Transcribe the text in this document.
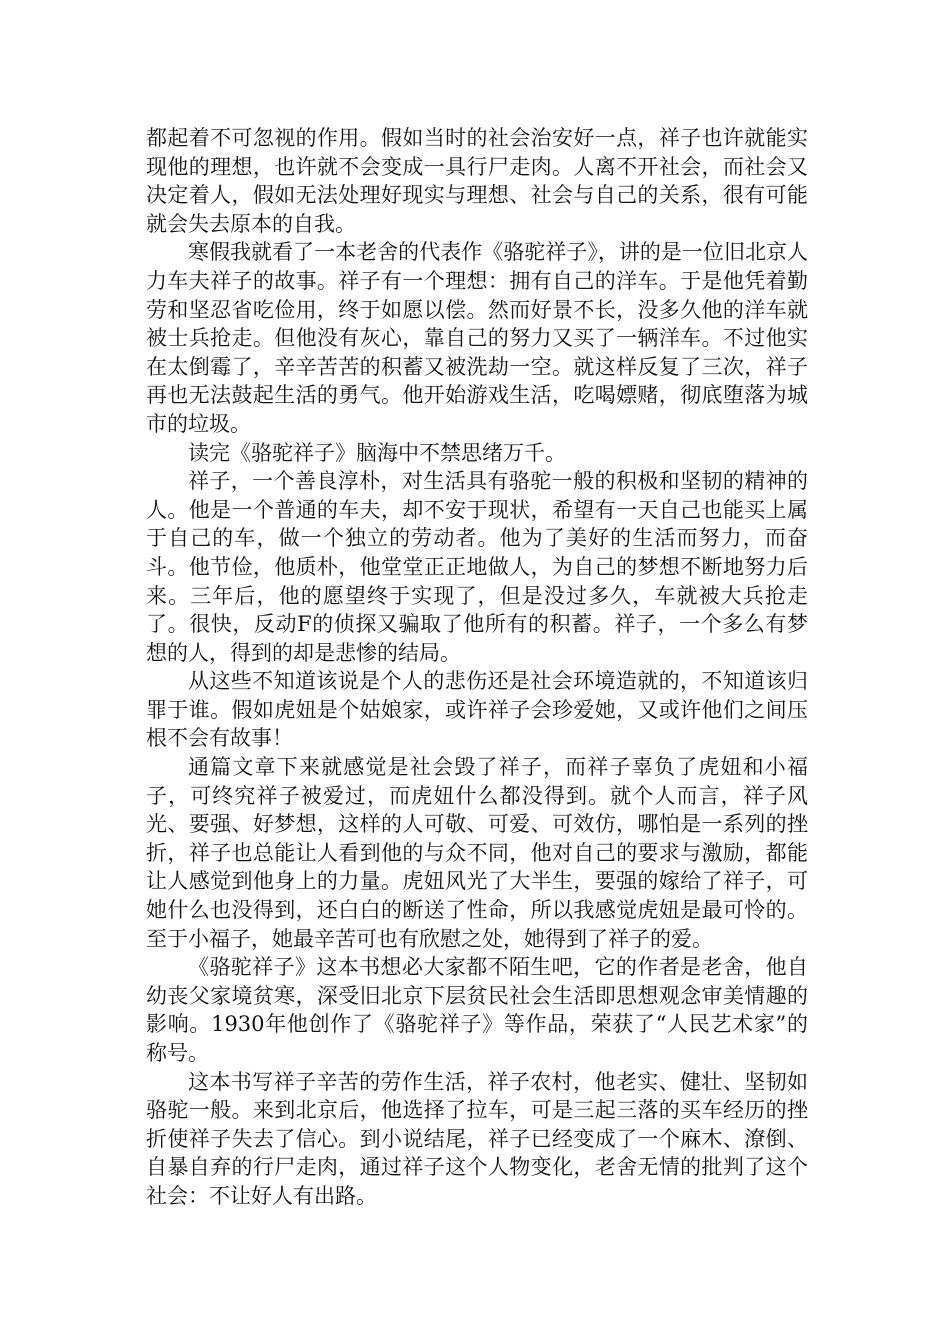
都起着不可忽视的作用。假如当时的社会治安好一点，祥子也许就能实现他的理想，也许就不会变成一具行尸走肉。人离不开社会，而社会又决定着人，假如无法处理好现实与理想、社会与自己的关系，很有可能就会失去原本的自我。

寒假我就看了一本老舍的代表作《骆驼祥子》，讲的是一位旧北京人力车夫祥子的故事。祥子有一个理想：拥有自己的洋车。于是他凭着勤劳和坚忍省吃俭用，终于如愿以偿。然而好景不长，没多久他的洋车就被士兵抢走。但他没有灰心，靠自己的努力又买了一辆洋车。不过他实在太倒霉了，辛辛苦苦的积蓄又被洗劫一空。就这样反复了三次，祥子再也无法鼓起生活的勇气。他开始游戏生活，吃喝嫖赌，彻底堕落为城市的垃圾。

读完《骆驼祥子》脑海中不禁思绪万千。

祥子，一个善良淳朴，对生活具有骆驼一般的积极和坚韧的精神的人。他是一个普通的车夫，却不安于现状，希望有一天自己也能买上属于自己的车，做一个独立的劳动者。他为了美好的生活而努力，而奋斗。他节俭，他质朴，他堂堂正正地做人，为自己的梦想不断地努力后来。三年后，他的愿望终于实现了，但是没过多久，车就被大兵抢走了。很快，反动F的侦探又骗取了他所有的积蓄。祥子，一个多么有梦想的人，得到的却是悲惨的结局。

从这些不知道该说是个人的悲伤还是社会环境造就的，不知道该归罪于谁。假如虎妞是个姑娘家，或许祥子会珍爱她，又或许他们之间压根不会有故事！

通篇文章下来就感觉是社会毁了祥子，而祥子辜负了虎妞和小福子，可终究祥子被爱过，而虎妞什么都没得到。就个人而言，祥子风光、要强、好梦想，这样的人可敬、可爱、可效仿，哪怕是一系列的挫折，祥子也总能让人看到他的与众不同，他对自己的要求与激励，都能让人感觉到他身上的力量。虎妞风光了大半生，要强的嫁给了祥子，可她什么也没得到，还白白的断送了性命，所以我感觉虎妞是最可怜的。至于小福子，她最辛苦可也有欣慰之处，她得到了祥子的爱。

《骆驼祥子》这本书想必大家都不陌生吧，它的作者是老舍，他自幼丧父家境贫寒，深受旧北京下层贫民社会生活即思想观念审美情趣的影响。1930年他创作了《骆驼祥子》等作品，荣获了“人民艺术家”的称号。

这本书写祥子辛苦的劳作生活，祥子农村，他老实、健壮、坚韧如骆驼一般。来到北京后，他选择了拉车，可是三起三落的买车经历的挫折使祥子失去了信心。到小说结尾，祥子已经变成了一个麻木、潦倒、自暴自弃的行尸走肉，通过祥子这个人物变化，老舍无情的批判了这个社会：不让好人有出路。
